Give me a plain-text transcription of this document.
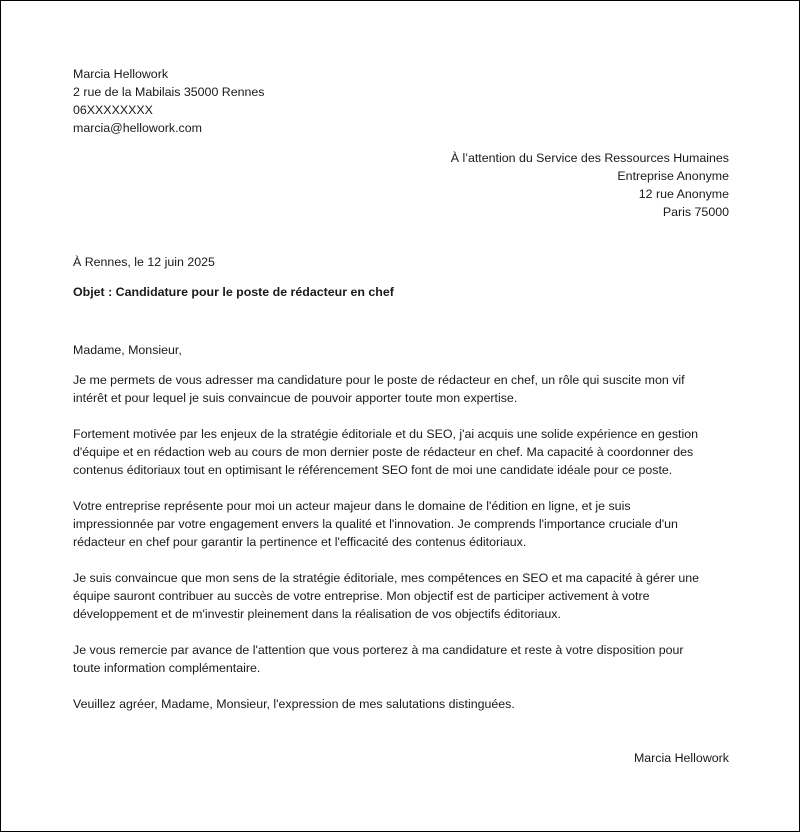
Marcia Hellowork
2 rue de la Mabilais 35000 Rennes
06XXXXXXXX
marcia@hellowork.com
À l’attention du Service des Ressources Humaines
Entreprise Anonyme
12 rue Anonyme
Paris 75000
À Rennes, le 12 juin 2025
Objet : Candidature pour le poste de rédacteur en chef
Madame, Monsieur,
Je me permets de vous adresser ma candidature pour le poste de rédacteur en chef, un rôle qui suscite mon vif
intérêt et pour lequel je suis convaincue de pouvoir apporter toute mon expertise.
Fortement motivée par les enjeux de la stratégie éditoriale et du SEO, j'ai acquis une solide expérience en gestion
d'équipe et en rédaction web au cours de mon dernier poste de rédacteur en chef. Ma capacité à coordonner des
contenus éditoriaux tout en optimisant le référencement SEO font de moi une candidate idéale pour ce poste.
Votre entreprise représente pour moi un acteur majeur dans le domaine de l'édition en ligne, et je suis
impressionnée par votre engagement envers la qualité et l'innovation. Je comprends l'importance cruciale d'un
rédacteur en chef pour garantir la pertinence et l'efficacité des contenus éditoriaux.
Je suis convaincue que mon sens de la stratégie éditoriale, mes compétences en SEO et ma capacité à gérer une
équipe sauront contribuer au succès de votre entreprise. Mon objectif est de participer activement à votre
développement et de m'investir pleinement dans la réalisation de vos objectifs éditoriaux.
Je vous remercie par avance de l'attention que vous porterez à ma candidature et reste à votre disposition pour
toute information complémentaire.
Veuillez agréer, Madame, Monsieur, l'expression de mes salutations distinguées.
Marcia Hellowork
